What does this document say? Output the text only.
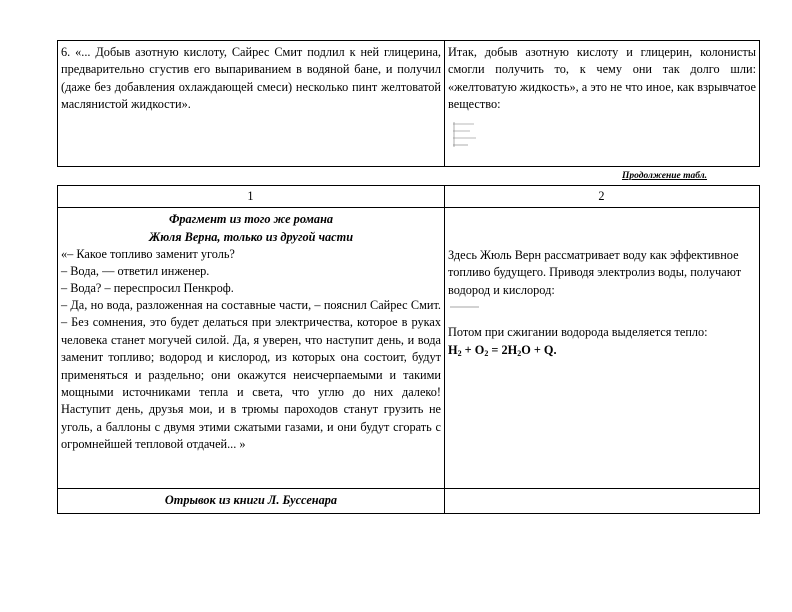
6. «... Добыв азотную кислоту, Сайрес Смит подлил к ней глицерина, предварительно сгустив его выпариванием в водяной бане, и получил (даже без добавления охлаждающей смеси) несколько пинт желтоватой маслянистой жидкости».
Итак, добыв азотную кислоту и глицерин, колонисты смогли получить то, к чему они так долго шли: «желтоватую жидкость», а это не что иное, как взрывчатое вещество:
Продолжение табл.
1	2
Фрагмент из того же романа
Жюля Верна, только из другой части
«– Какое топливо заменит уголь?
– Вода, — ответил инженер.
– Вода? – переспросил Пенкроф.
– Да, но вода, разложенная на составные части, – пояснил Сайрес Смит. – Без сомнения, это будет делаться при электричества, которое в руках человека станет могучей силой. Да, я уверен, что наступит день, и вода заменит топливо; водород и кислород, из которых она состоит, будут применяться и раздельно; они окажутся неисчерпаемыми и такими мощными источниками тепла и света, что углю до них далеко! Наступит день, друзья мои, и в трюмы пароходов станут грузить не уголь, а баллоны с двумя этими сжатыми газами, и они будут сгорать с огромнейшей тепловой отдачей... »
Здесь Жюль Верн рассматривает воду как эффективное топливо будущего. Приводя электролиз воды, получают водород и кислород:
Потом при сжигании водорода выделяется тепло:
$H_2 + O_2 = 2H_2O + Q$.
Отрывок из книги Л. Буссенара
